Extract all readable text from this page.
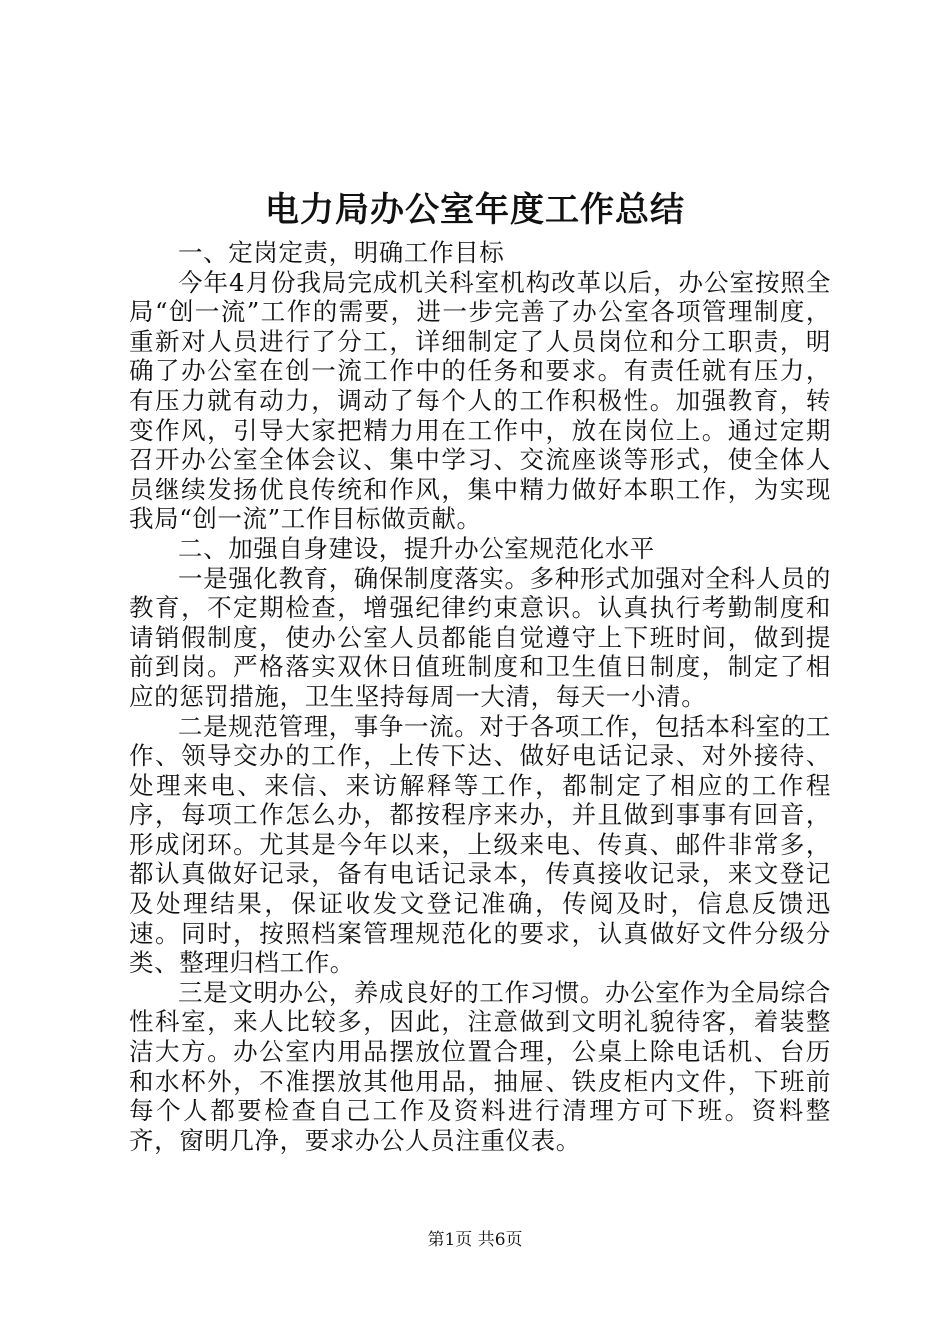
电力局办公室年度工作总结

一、定岗定责，明确工作目标

今年4月份我局完成机关科室机构改革以后，办公室按照全局“创一流”工作的需要，进一步完善了办公室各项管理制度，重新对人员进行了分工，详细制定了人员岗位和分工职责，明确了办公室在创一流工作中的任务和要求。有责任就有压力，有压力就有动力，调动了每个人的工作积极性。加强教育，转变作风，引导大家把精力用在工作中，放在岗位上。通过定期召开办公室全体会议、集中学习、交流座谈等形式，使全体人员继续发扬优良传统和作风，集中精力做好本职工作，为实现我局“创一流”工作目标做贡献。

二、加强自身建设，提升办公室规范化水平

一是强化教育，确保制度落实。多种形式加强对全科人员的教育，不定期检查，增强纪律约束意识。认真执行考勤制度和请销假制度，使办公室人员都能自觉遵守上下班时间，做到提前到岗。严格落实双休日值班制度和卫生值日制度，制定了相应的惩罚措施，卫生坚持每周一大清，每天一小清。

二是规范管理，事争一流。对于各项工作，包括本科室的工作、领导交办的工作，上传下达、做好电话记录、对外接待、处理来电、来信、来访解释等工作，都制定了相应的工作程序，每项工作怎么办，都按程序来办，并且做到事事有回音，形成闭环。尤其是今年以来，上级来电、传真、邮件非常多，都认真做好记录，备有电话记录本，传真接收记录，来文登记及处理结果，保证收发文登记准确，传阅及时，信息反馈迅速。同时，按照档案管理规范化的要求，认真做好文件分级分类、整理归档工作。

三是文明办公，养成良好的工作习惯。办公室作为全局综合性科室，来人比较多，因此，注意做到文明礼貌待客，着装整洁大方。办公室内用品摆放位置合理，公桌上除电话机、台历和水杯外，不准摆放其他用品，抽屉、铁皮柜内文件，下班前每个人都要检查自己工作及资料进行清理方可下班。资料整齐，窗明几净，要求办公人员注重仪表。

第1页 共6页
